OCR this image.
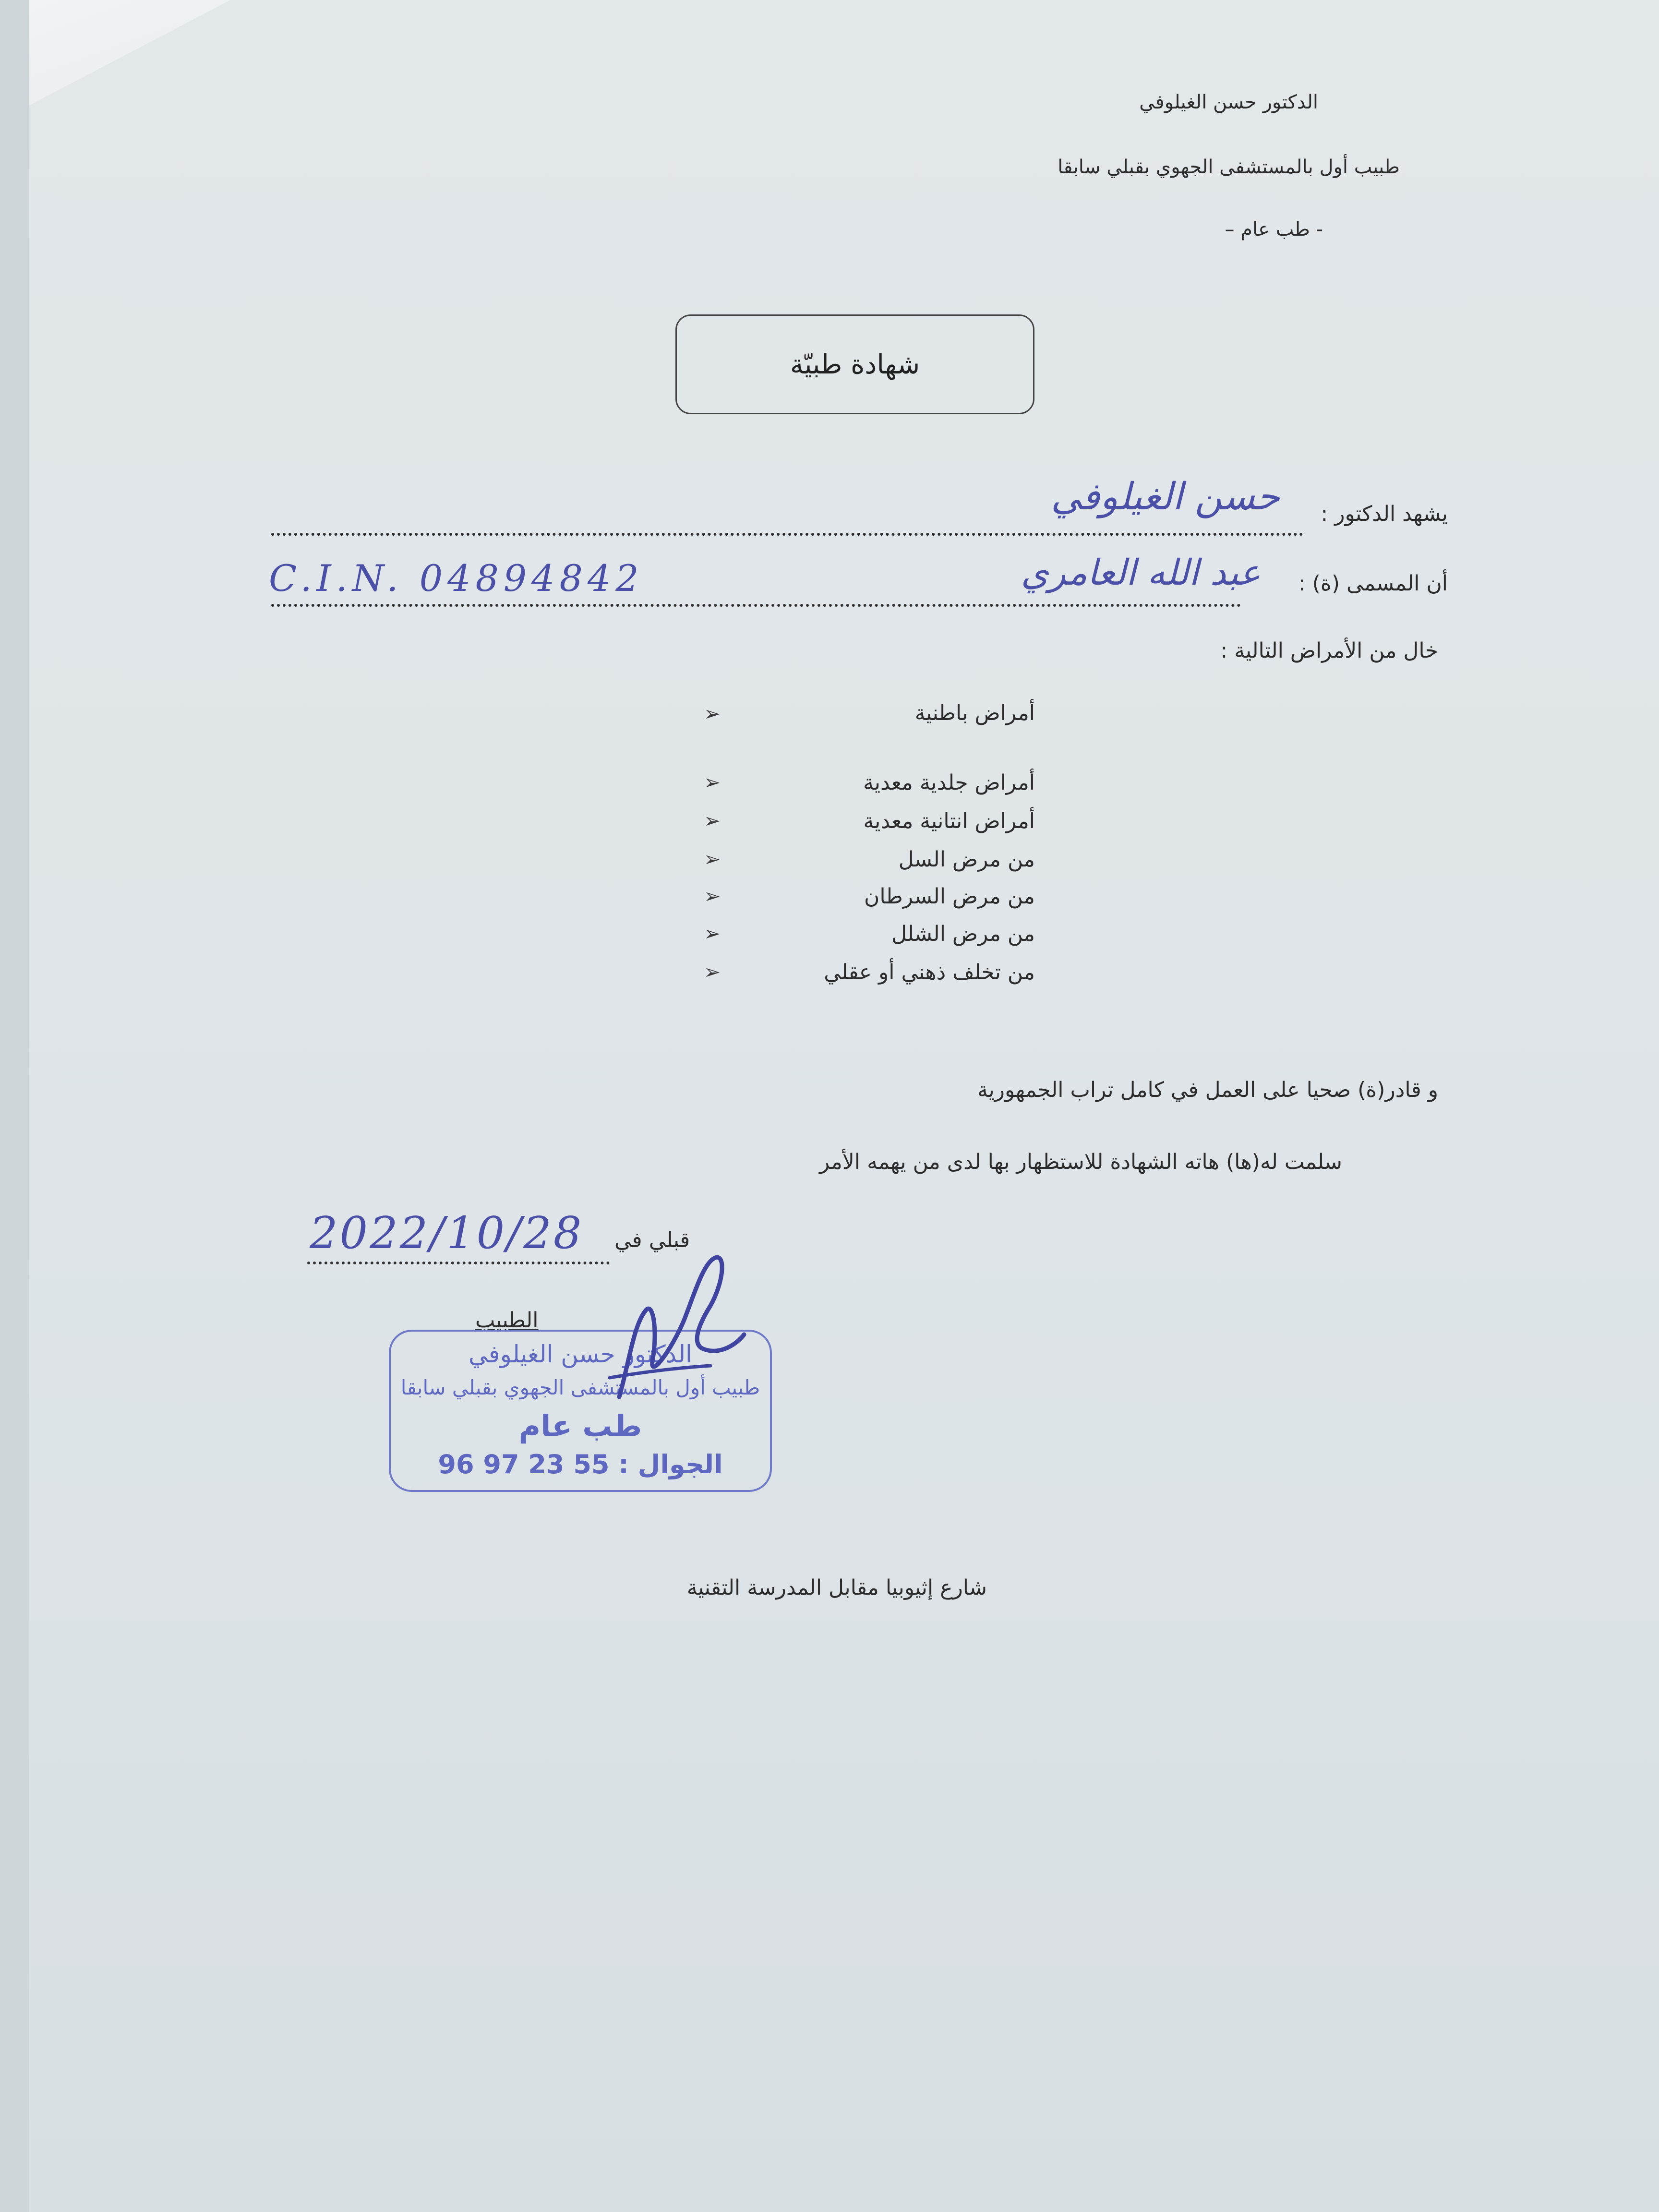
الدكتور حسن الغيلوفي
طبيب أول بالمستشفى الجهوي بقبلي سابقا
- طب عام –
شهادة طبيّة
يشهد الدكتور :
حسن الغيلوفي
أن المسمى (ة) :
عبد الله العامري
C.I.N. 04894842
خال من الأمراض التالية :
أمراض باطنية
أمراض جلدية معدية
أمراض انتانية معدية
من مرض السل
من مرض السرطان
من مرض الشلل
من تخلف ذهني أو عقلي
➢
➢
➢
➢
➢
➢
➢
و قادر(ة) صحيا على العمل في كامل تراب الجمهورية
سلمت له(ها) هاته الشهادة للاستظهار بها لدى من يهمه الأمر
قبلي في
2022/10/28
الطبيب
الدكتور حسن الغيلوفي
طبيب أول بالمستشفى الجهوي بقبلي سابقا
طب عام
الجوال : 55 23 97 96
شارع إثيوبيا مقابل المدرسة التقنية
